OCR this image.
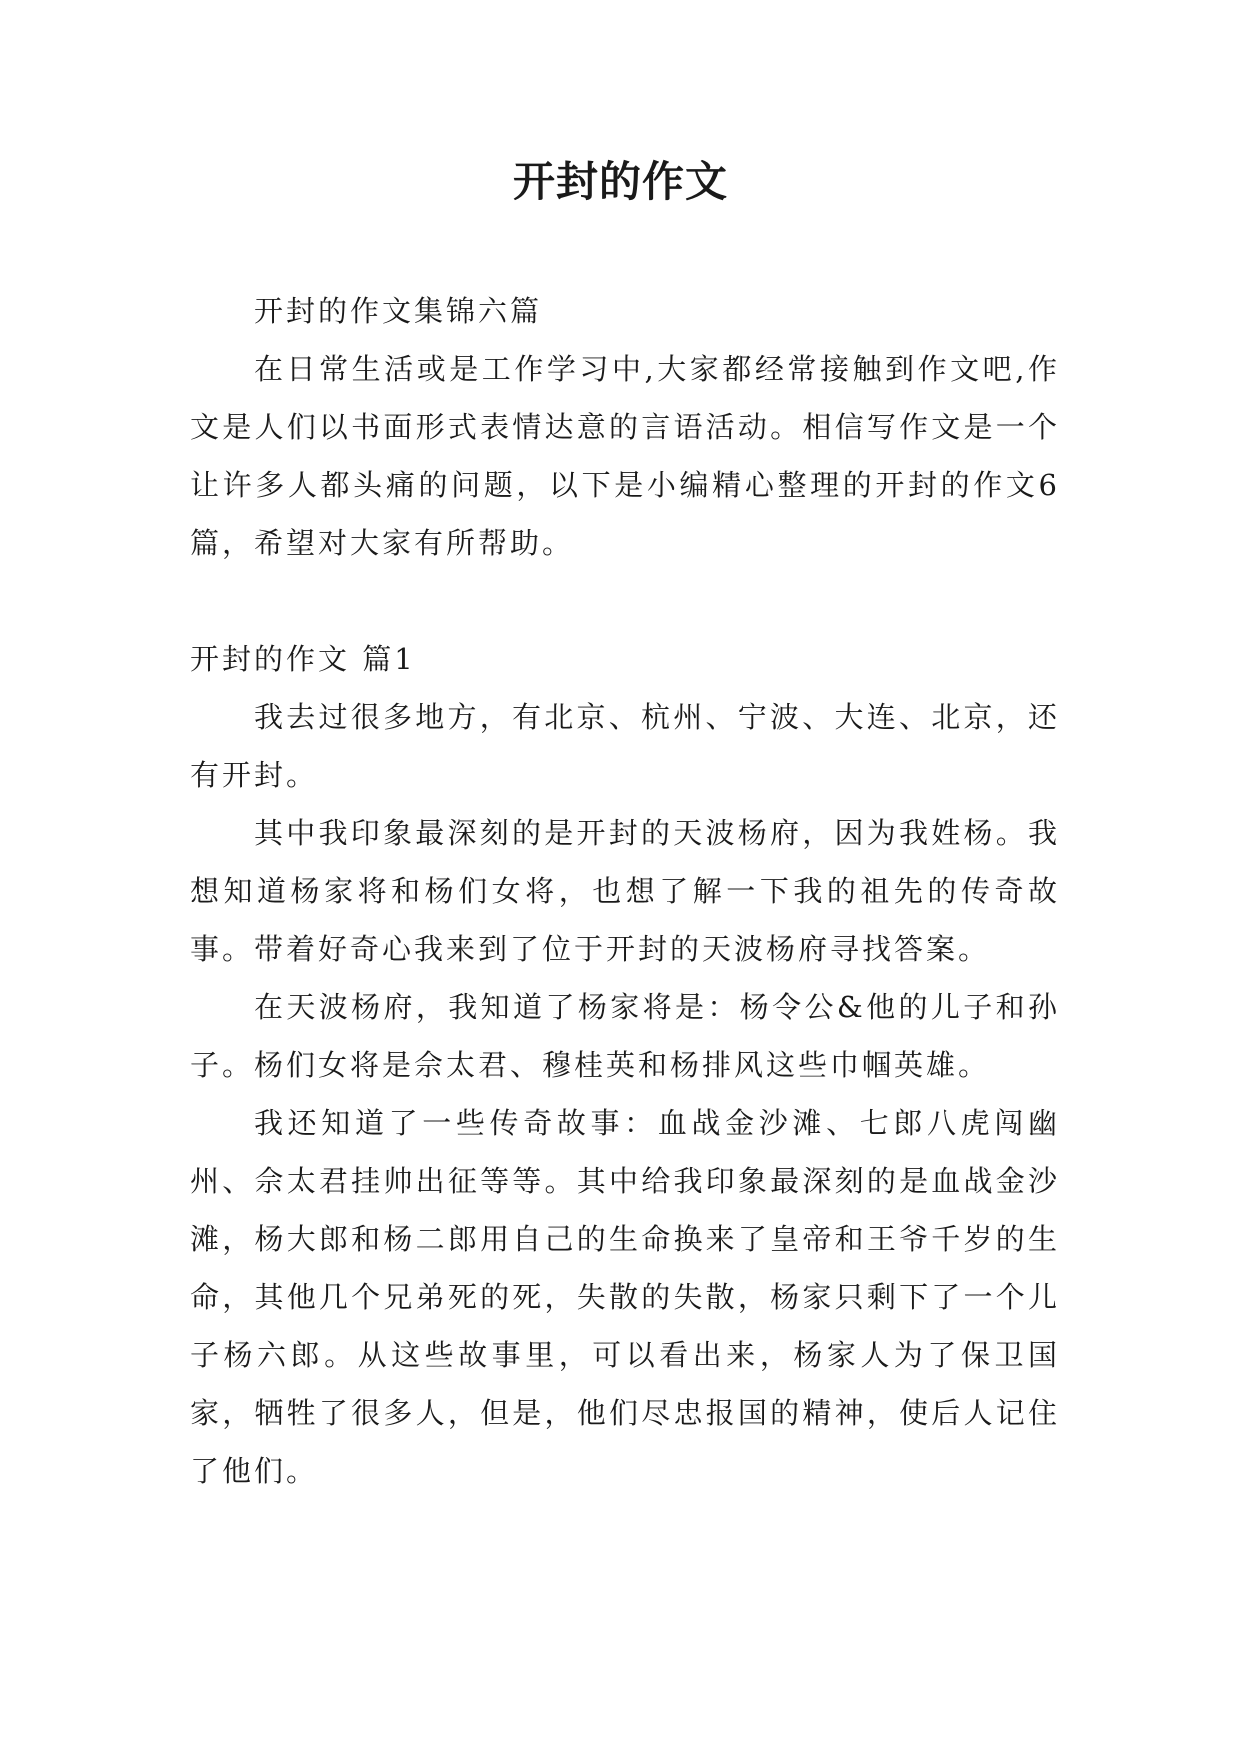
开封的作文

开封的作文集锦六篇

在日常生活或是工作学习中,大家都经常接触到作文吧,作文是人们以书面形式表情达意的言语活动。相信写作文是一个让许多人都头痛的问题，以下是小编精心整理的开封的作文6篇，希望对大家有所帮助。

开封的作文 篇1

我去过很多地方，有北京、杭州、宁波、大连、北京，还有开封。

其中我印象最深刻的是开封的天波杨府，因为我姓杨。我想知道杨家将和杨们女将，也想了解一下我的祖先的传奇故事。带着好奇心我来到了位于开封的天波杨府寻找答案。

在天波杨府，我知道了杨家将是：杨令公&他的儿子和孙子。杨们女将是佘太君、穆桂英和杨排风这些巾帼英雄。

我还知道了一些传奇故事：血战金沙滩、七郎八虎闯幽州、佘太君挂帅出征等等。其中给我印象最深刻的是血战金沙滩，杨大郎和杨二郎用自己的生命换来了皇帝和王爷千岁的生命，其他几个兄弟死的死，失散的失散，杨家只剩下了一个儿子杨六郎。从这些故事里，可以看出来，杨家人为了保卫国家，牺牲了很多人，但是，他们尽忠报国的精神，使后人记住了他们。
